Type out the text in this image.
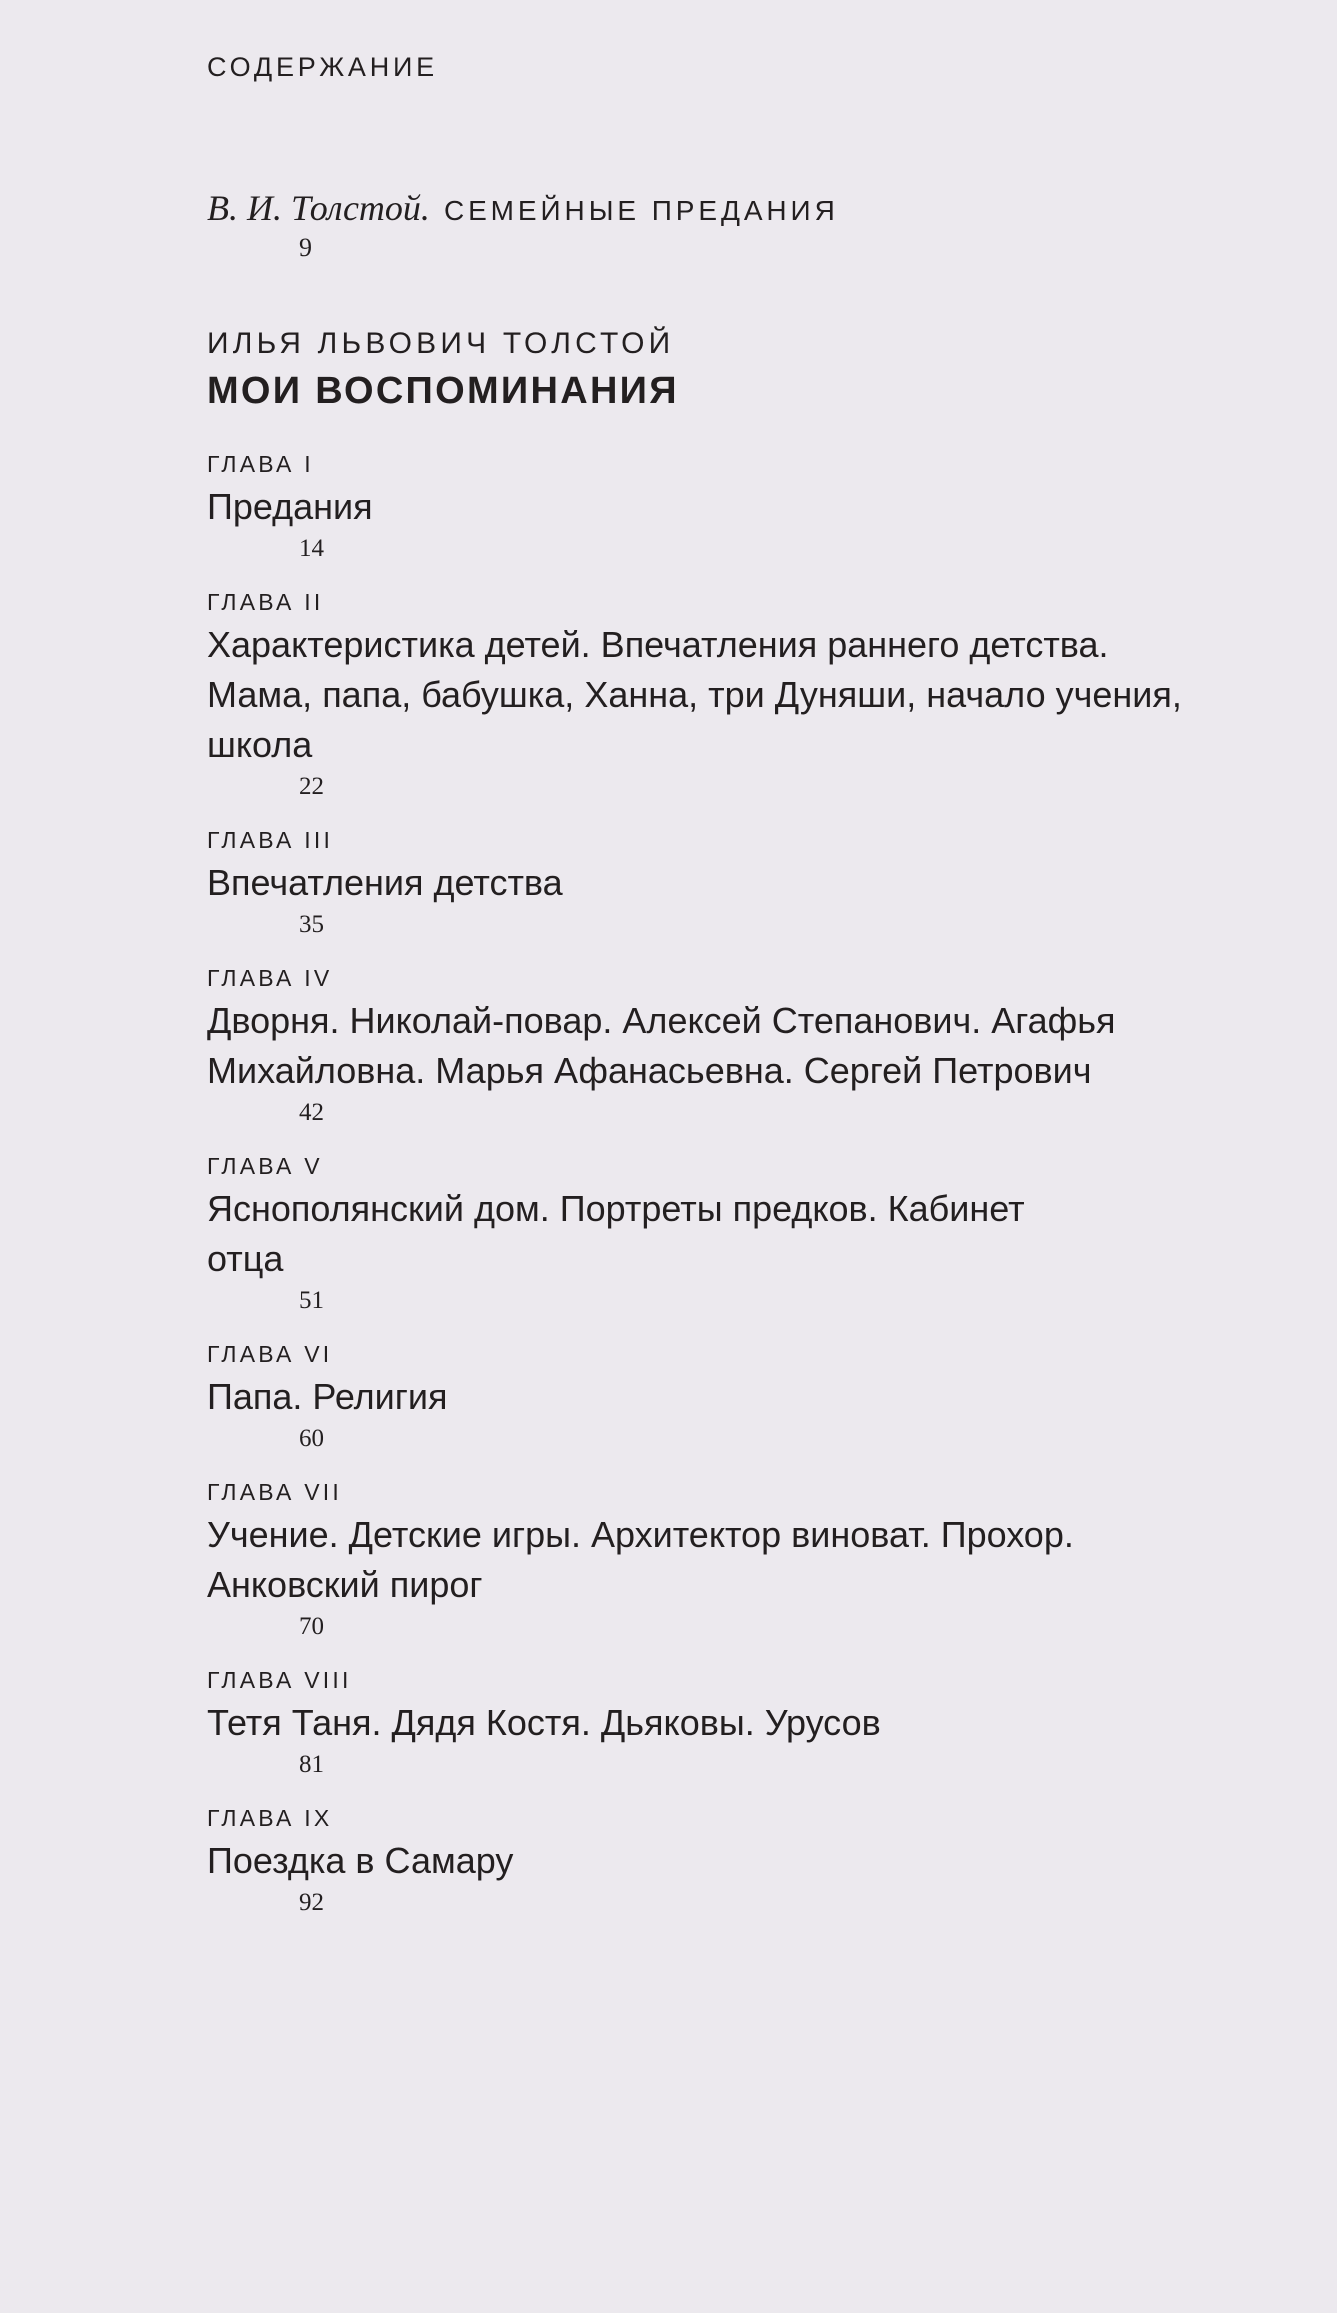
СОДЕРЖАНИЕ
В. И. Толстой. СЕМЕЙНЫЕ ПРЕДАНИЯ
9
ИЛЬЯ ЛЬВОВИЧ ТОЛСТОЙ
МОИ ВОСПОМИНАНИЯ
ГЛАВА I
Предания
14
ГЛАВА II
Характеристика детей. Впечатления раннего детства. Мама, папа, бабушка, Ханна, три Дуняши, начало учения, школа
22
ГЛАВА III
Впечатления детства
35
ГЛАВА IV
Дворня. Николай-повар. Алексей Степанович. Агафья Михайловна. Марья Афанасьевна. Сергей Петрович
42
ГЛАВА V
Яснополянский дом. Портреты предков. Кабинет отца
51
ГЛАВА VI
Папа. Религия
60
ГЛАВА VII
Учение. Детские игры. Архитектор виноват. Прохор. Анковский пирог
70
ГЛАВА VIII
Тетя Таня. Дядя Костя. Дьяковы. Урусов
81
ГЛАВА IX
Поездка в Самару
92
